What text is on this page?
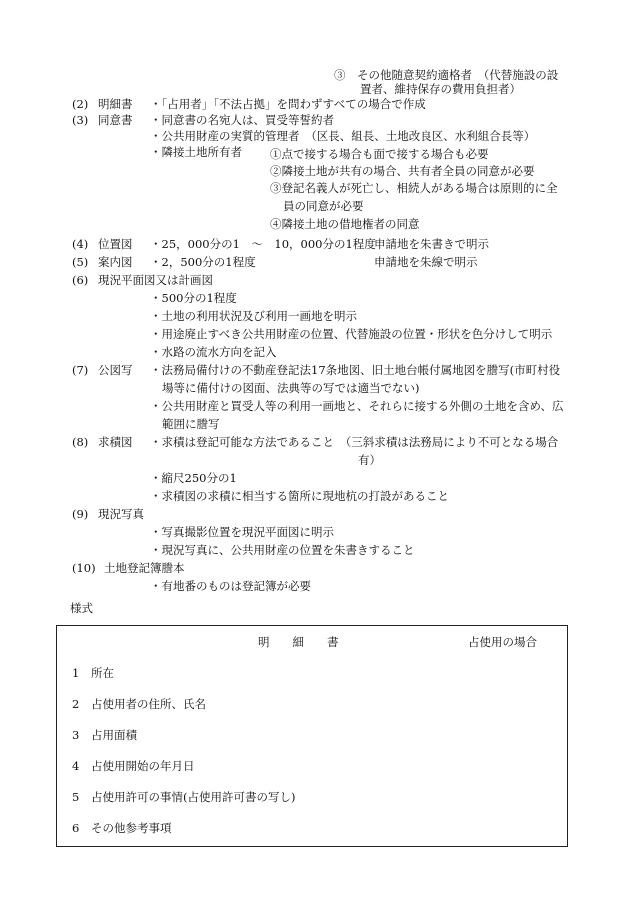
③　その他随意契約適格者　（代替施設の設
置者、維持保存の費用負担者）
(2) 明細書 ・「占用者」「不法占拠」を問わずすべての場合で作成
(3) 同意書 ・同意書の名宛人は、買受等誓約者
・公共用財産の実質的管理者　（区長、組長、土地改良区、水利組合長等）
・隣接土地所有者 ①点で接する場合も面で接する場合も必要
②隣接土地が共有の場合、共有者全員の同意が必要
③登記名義人が死亡し、相続人がある場合は原則的に全
員の同意が必要
④隣接土地の借地権者の同意
(4) 位置図 ・25，000分の1　～　10，000分の1程度
申請地を朱書きで明示
(5) 案内図 ・2，500分の1程度	申請地を朱線で明示
(6) 現況平面図又は計画図
・500分の1程度
・土地の利用状況及び利用一画地を明示
・用途廃止すべき公共用財産の位置、代替施設の位置・形状を色分けして明示
・水路の流水方向を記入
(7) 公図写 ・法務局備付けの不動産登記法17条地図、旧土地台帳付属地図を謄写(市町村役
場等に備付けの図面、法典等の写では適当でない)
・公共用財産と買受人等の利用一画地と、それらに接する外側の土地を含め、広
範囲に謄写
(8) 求積図 ・求積は登記可能な方法であること　（三斜求積は法務局により不可となる場合
有）
・縮尺250分の1
・求積図の求積に相当する箇所に現地杭の打設があること
(9) 現況写真
・写真撮影位置を現況平面図に明示
・現況写真に、公共用財産の位置を朱書きすること
(10) 土地登記簿謄本
・有地番のものは登記簿が必要
様式
明　　細　　書	占使用の場合
1 所在
2 占使用者の住所、氏名
3 占用面積
4 占使用開始の年月日
5 占使用許可の事情(占使用許可書の写し)
6 その他参考事項
